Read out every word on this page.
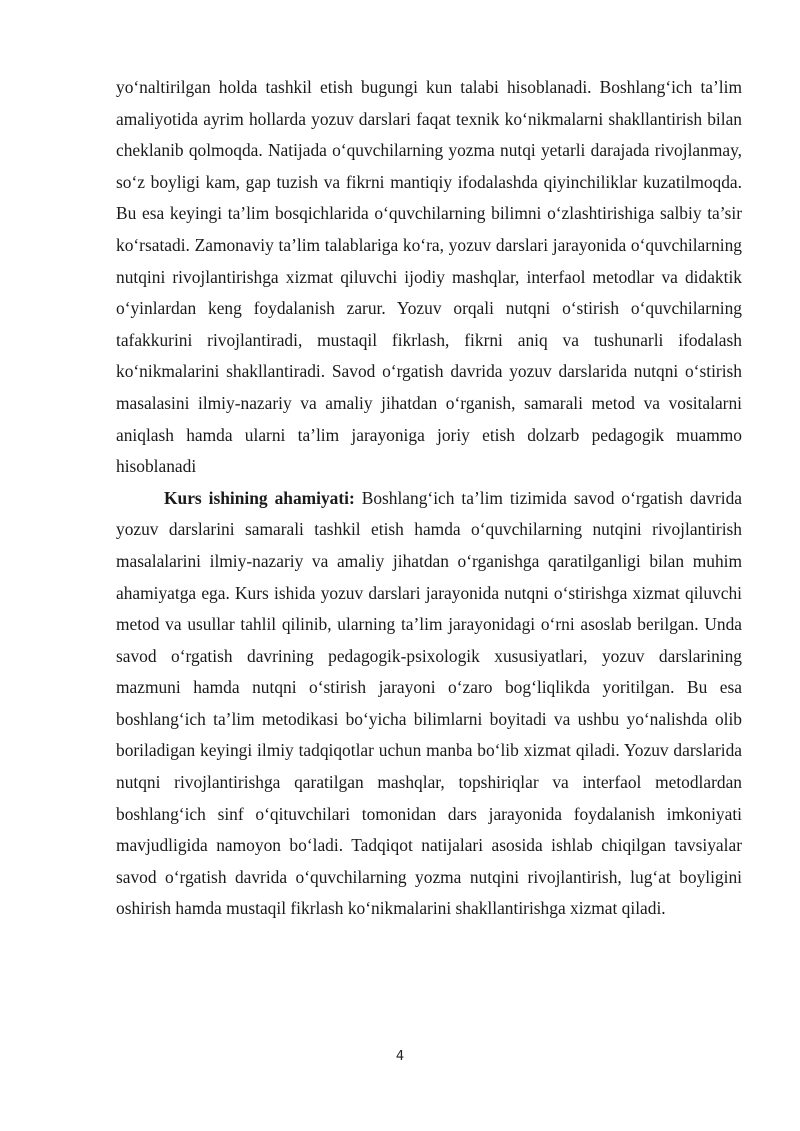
yoʻnaltirilgan holda tashkil etish bugungi kun talabi hisoblanadi. Boshlangʻich ta’lim amaliyotida ayrim hollarda yozuv darslari faqat texnik koʻnikmalarni shakllantirish bilan cheklanib qolmoqda. Natijada oʻquvchilarning yozma nutqi yetarli darajada rivojlanmay, soʻz boyligi kam, gap tuzish va fikrni mantiqiy ifodalashda qiyinchiliklar kuzatilmoqda. Bu esa keyingi ta’lim bosqichlarida oʻquvchilarning bilimni oʻzlashtirishiga salbiy ta’sir koʻrsatadi. Zamonaviy ta’lim talablariga koʻra, yozuv darslari jarayonida oʻquvchilarning nutqini rivojlantirishga xizmat qiluvchi ijodiy mashqlar, interfaol metodlar va didaktik oʻyinlardan keng foydalanish zarur. Yozuv orqali nutqni oʻstirish oʻquvchilarning tafakkurini rivojlantiradi, mustaqil fikrlash, fikrni aniq va tushunarli ifodalash koʻnikmalarini shakllantiradi. Savod oʻrgatish davrida yozuv darslarida nutqni oʻstirish masalasini ilmiy-nazariy va amaliy jihatdan oʻrganish, samarali metod va vositalarni aniqlash hamda ularni ta’lim jarayoniga joriy etish dolzarb pedagogik muammo hisoblanadi

Kurs ishining ahamiyati: Boshlangʻich ta’lim tizimida savod oʻrgatish davrida yozuv darslarini samarali tashkil etish hamda oʻquvchilarning nutqini rivojlantirish masalalarini ilmiy-nazariy va amaliy jihatdan oʻrganishga qaratilganligi bilan muhim ahamiyatga ega. Kurs ishida yozuv darslari jarayonida nutqni oʻstirishga xizmat qiluvchi metod va usullar tahlil qilinib, ularning ta’lim jarayonidagi oʻrni asoslab berilgan. Unda savod oʻrgatish davrining pedagogik-psixologik xususiyatlari, yozuv darslarining mazmuni hamda nutqni oʻstirish jarayoni oʻzaro bogʻliqlikda yoritilgan. Bu esa boshlangʻich ta’lim metodikasi boʻyicha bilimlarni boyitadi va ushbu yoʻnalishda olib boriladigan keyingi ilmiy tadqiqotlar uchun manba boʻlib xizmat qiladi. Yozuv darslarida nutqni rivojlantirishga qaratilgan mashqlar, topshiriqlar va interfaol metodlardan boshlangʻich sinf oʻqituvchilari tomonidan dars jarayonida foydalanish imkoniyati mavjudligida namoyon boʻladi. Tadqiqot natijalari asosida ishlab chiqilgan tavsiyalar savod oʻrgatish davrida oʻquvchilarning yozma nutqini rivojlantirish, lugʻat boyligini oshirish hamda mustaqil fikrlash koʻnikmalarini shakllantirishga xizmat qiladi.

4
